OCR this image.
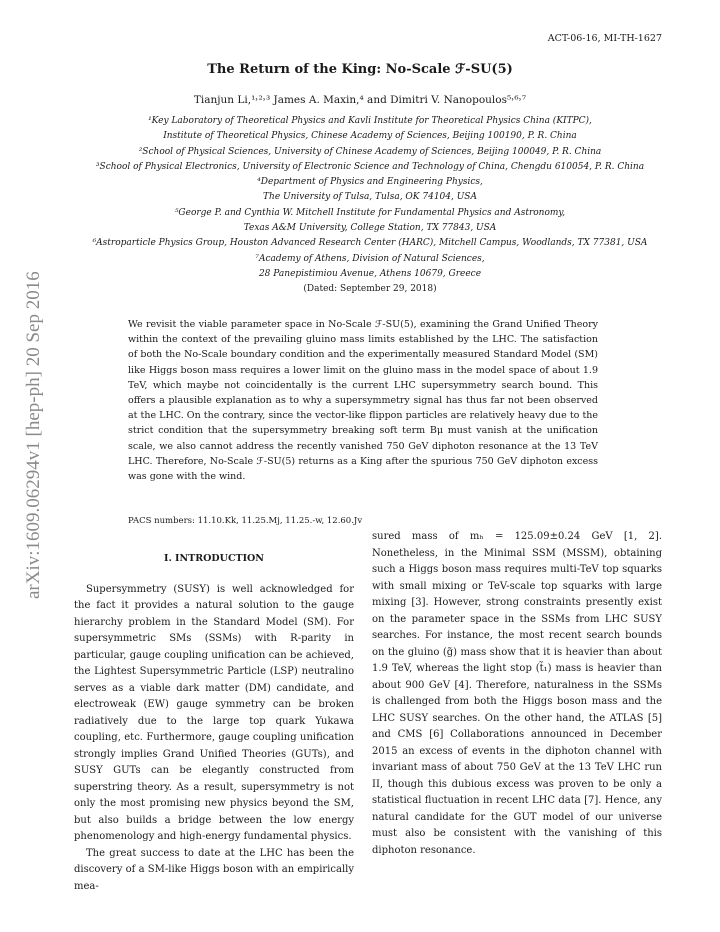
ACT-06-16, MI-TH-1627
The Return of the King: No-Scale ℱ-SU(5)
Tianjun Li,¹˒²˒³ James A. Maxin,⁴ and Dimitri V. Nanopoulos⁵˒⁶˒⁷
¹Key Laboratory of Theoretical Physics and Kavli Institute for Theoretical Physics China (KITPC),
Institute of Theoretical Physics, Chinese Academy of Sciences, Beijing 100190, P. R. China
²School of Physical Sciences, University of Chinese Academy of Sciences, Beijing 100049, P. R. China
³School of Physical Electronics, University of Electronic Science and Technology of China, Chengdu 610054, P. R. China
⁴Department of Physics and Engineering Physics,
The University of Tulsa, Tulsa, OK 74104, USA
⁵George P. and Cynthia W. Mitchell Institute for Fundamental Physics and Astronomy,
Texas A&M University, College Station, TX 77843, USA
⁶Astroparticle Physics Group, Houston Advanced Research Center (HARC), Mitchell Campus, Woodlands, TX 77381, USA
⁷Academy of Athens, Division of Natural Sciences,
28 Panepistimiou Avenue, Athens 10679, Greece
(Dated: September 29, 2018)
We revisit the viable parameter space in No-Scale ℱ-SU(5), examining the Grand Unified Theory within the context of the prevailing gluino mass limits established by the LHC. The satisfaction of both the No-Scale boundary condition and the experimentally measured Standard Model (SM) like Higgs boson mass requires a lower limit on the gluino mass in the model space of about 1.9 TeV, which maybe not coincidentally is the current LHC supersymmetry search bound. This offers a plausible explanation as to why a supersymmetry signal has thus far not been observed at the LHC. On the contrary, since the vector-like flippon particles are relatively heavy due to the strict condition that the supersymmetry breaking soft term Bμ must vanish at the unification scale, we also cannot address the recently vanished 750 GeV diphoton resonance at the 13 TeV LHC. Therefore, No-Scale ℱ-SU(5) returns as a King after the spurious 750 GeV diphoton excess was gone with the wind.
PACS numbers: 11.10.Kk, 11.25.Mj, 11.25.-w, 12.60.Jv
arXiv:1609.06294v1 [hep-ph] 20 Sep 2016	I. INTRODUCTION

Supersymmetry (SUSY) is well acknowledged for the fact it provides a natural solution to the gauge hierarchy problem in the Standard Model (SM). For supersymmetric SMs (SSMs) with R-parity in particular, gauge coupling unification can be achieved, the Lightest Supersymmetric Particle (LSP) neutralino serves as a viable dark matter (DM) candidate, and electroweak (EW) gauge symmetry can be broken radiatively due to the large top quark Yukawa coupling, etc. Furthermore, gauge coupling unification strongly implies Grand Unified Theories (GUTs), and SUSY GUTs can be elegantly constructed from superstring theory. As a result, supersymmetry is not only the most promising new physics beyond the SM, but also builds a bridge between the low energy phenomenology and high-energy fundamental physics.

The great success to date at the LHC has been the discovery of a SM-like Higgs boson with an empirically mea-

sured mass of mₕ = 125.09±0.24 GeV [1, 2]. Nonetheless, in the Minimal SSM (MSSM), obtaining such a Higgs boson mass requires multi-TeV top squarks with small mixing or TeV-scale top squarks with large mixing [3]. However, strong constraints presently exist on the parameter space in the SSMs from LHC SUSY searches. For instance, the most recent search bounds on the gluino (g̃) mass show that it is heavier than about 1.9 TeV, whereas the light stop (t̃₁) mass is heavier than about 900 GeV [4]. Therefore, naturalness in the SSMs is challenged from both the Higgs boson mass and the LHC SUSY searches. On the other hand, the ATLAS [5] and CMS [6] Collaborations announced in December 2015 an excess of events in the diphoton channel with invariant mass of about 750 GeV at the 13 TeV LHC run II, though this dubious excess was proven to be only a statistical fluctuation in recent LHC data [7]. Hence, any natural candidate for the GUT model of our universe must also be consistent with the vanishing of this diphoton resonance.
